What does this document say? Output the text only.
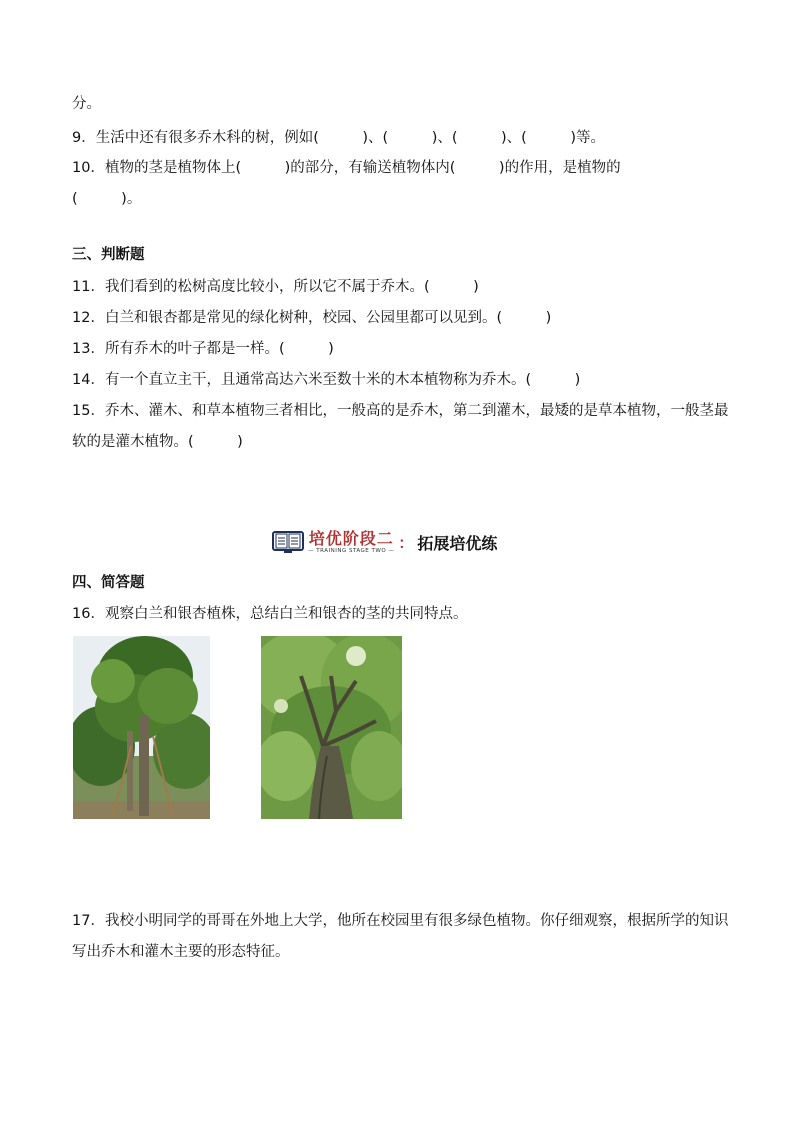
分。
9．生活中还有很多乔木科的树，例如(　　　)、(　　　)、(　　　)、(　　　)等。
10．植物的茎是植物体上(　　　)的部分，有输送植物体内(　　　)的作用，是植物的
(　　　)。
三、判断题
11．我们看到的松树高度比较小，所以它不属于乔木。(　　　)
12．白兰和银杏都是常见的绿化树种，校园、公园里都可以见到。(　　　)
13．所有乔木的叶子都是一样。(　　　)
14．有一个直立主干，且通常高达六米至数十米的木本植物称为乔木。(　　　)
15．乔木、灌木、和草本植物三者相比，一般高的是乔木，第二到灌木，最矮的是草本植物，一般茎最软的是灌木植物。(　　　)
培优阶段二
— TRAINING STAGE TWO — ： 拓展培优练
四、简答题
16．观察白兰和银杏植株，总结白兰和银杏的茎的共同特点。
17．我校小明同学的哥哥在外地上大学，他所在校园里有很多绿色植物。你仔细观察，根据所学的知识写出乔木和灌木主要的形态特征。
